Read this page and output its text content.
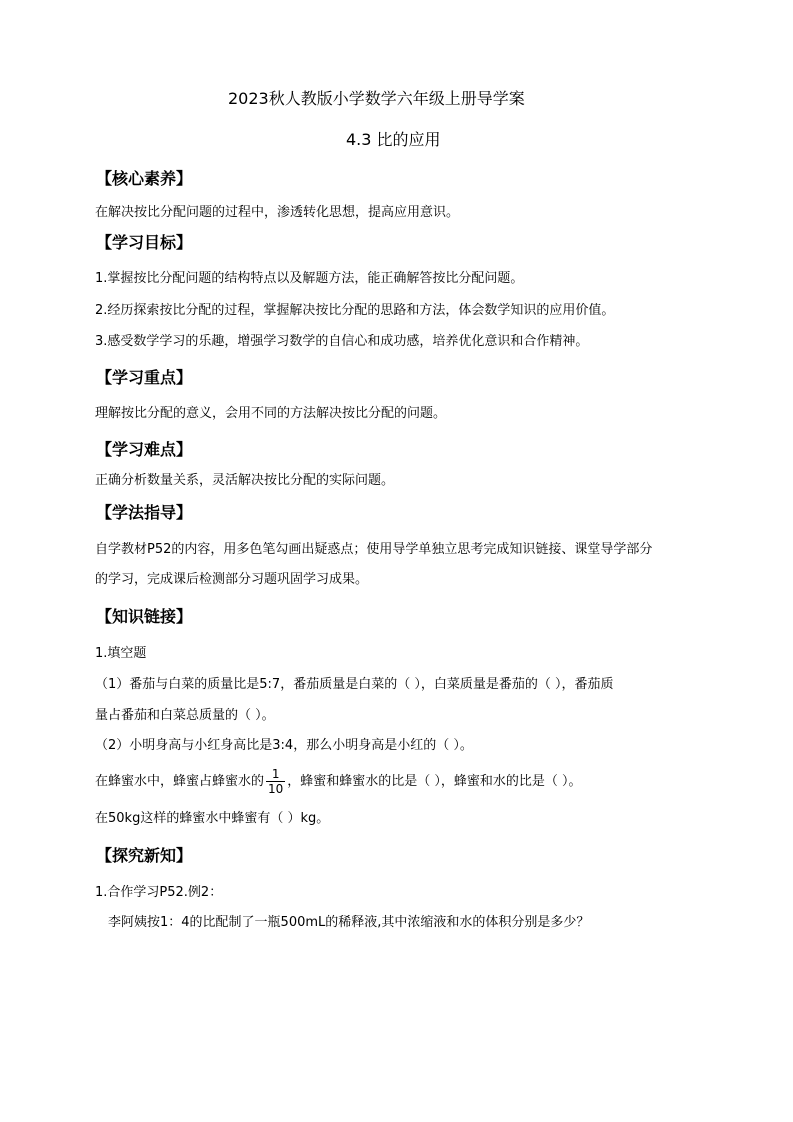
2023秋人教版小学数学六年级上册导学案
4.3 比的应用
【核心素养】
在解决按比分配问题的过程中，渗透转化思想，提高应用意识。
【学习目标】
1.掌握按比分配问题的结构特点以及解题方法，能正确解答按比分配问题。
2.经历探索按比分配的过程，掌握解决按比分配的思路和方法，体会数学知识的应用价值。
3.感受数学学习的乐趣，增强学习数学的自信心和成功感，培养优化意识和合作精神。
【学习重点】
理解按比分配的意义，会用不同的方法解决按比分配的问题。
【学习难点】
正确分析数量关系，灵活解决按比分配的实际问题。
【学法指导】
自学教材P52的内容，用多色笔勾画出疑惑点；使用导学单独立思考完成知识链接、课堂导学部分
的学习，完成课后检测部分习题巩固学习成果。
【知识链接】
1.填空题
（1）番茄与白菜的质量比是5:7，番茄质量是白菜的（ ），白菜质量是番茄的（ ），番茄质
量占番茄和白菜总质量的（ ）。
（2）小明身高与小红身高比是3:4，那么小明身高是小红的（ ）。
在蜂蜜水中，蜂蜜占蜂蜜水的 $\frac{1}{10}$ ，蜂蜜和蜂蜜水的比是（ ），蜂蜜和水的比是（ ）。
在50kg这样的蜂蜜水中蜂蜜有（ ）kg。
【探究新知】
1.合作学习P52.例2：
李阿姨按1：4的比配制了一瓶500mL的稀释液,其中浓缩液和水的体积分别是多少？
